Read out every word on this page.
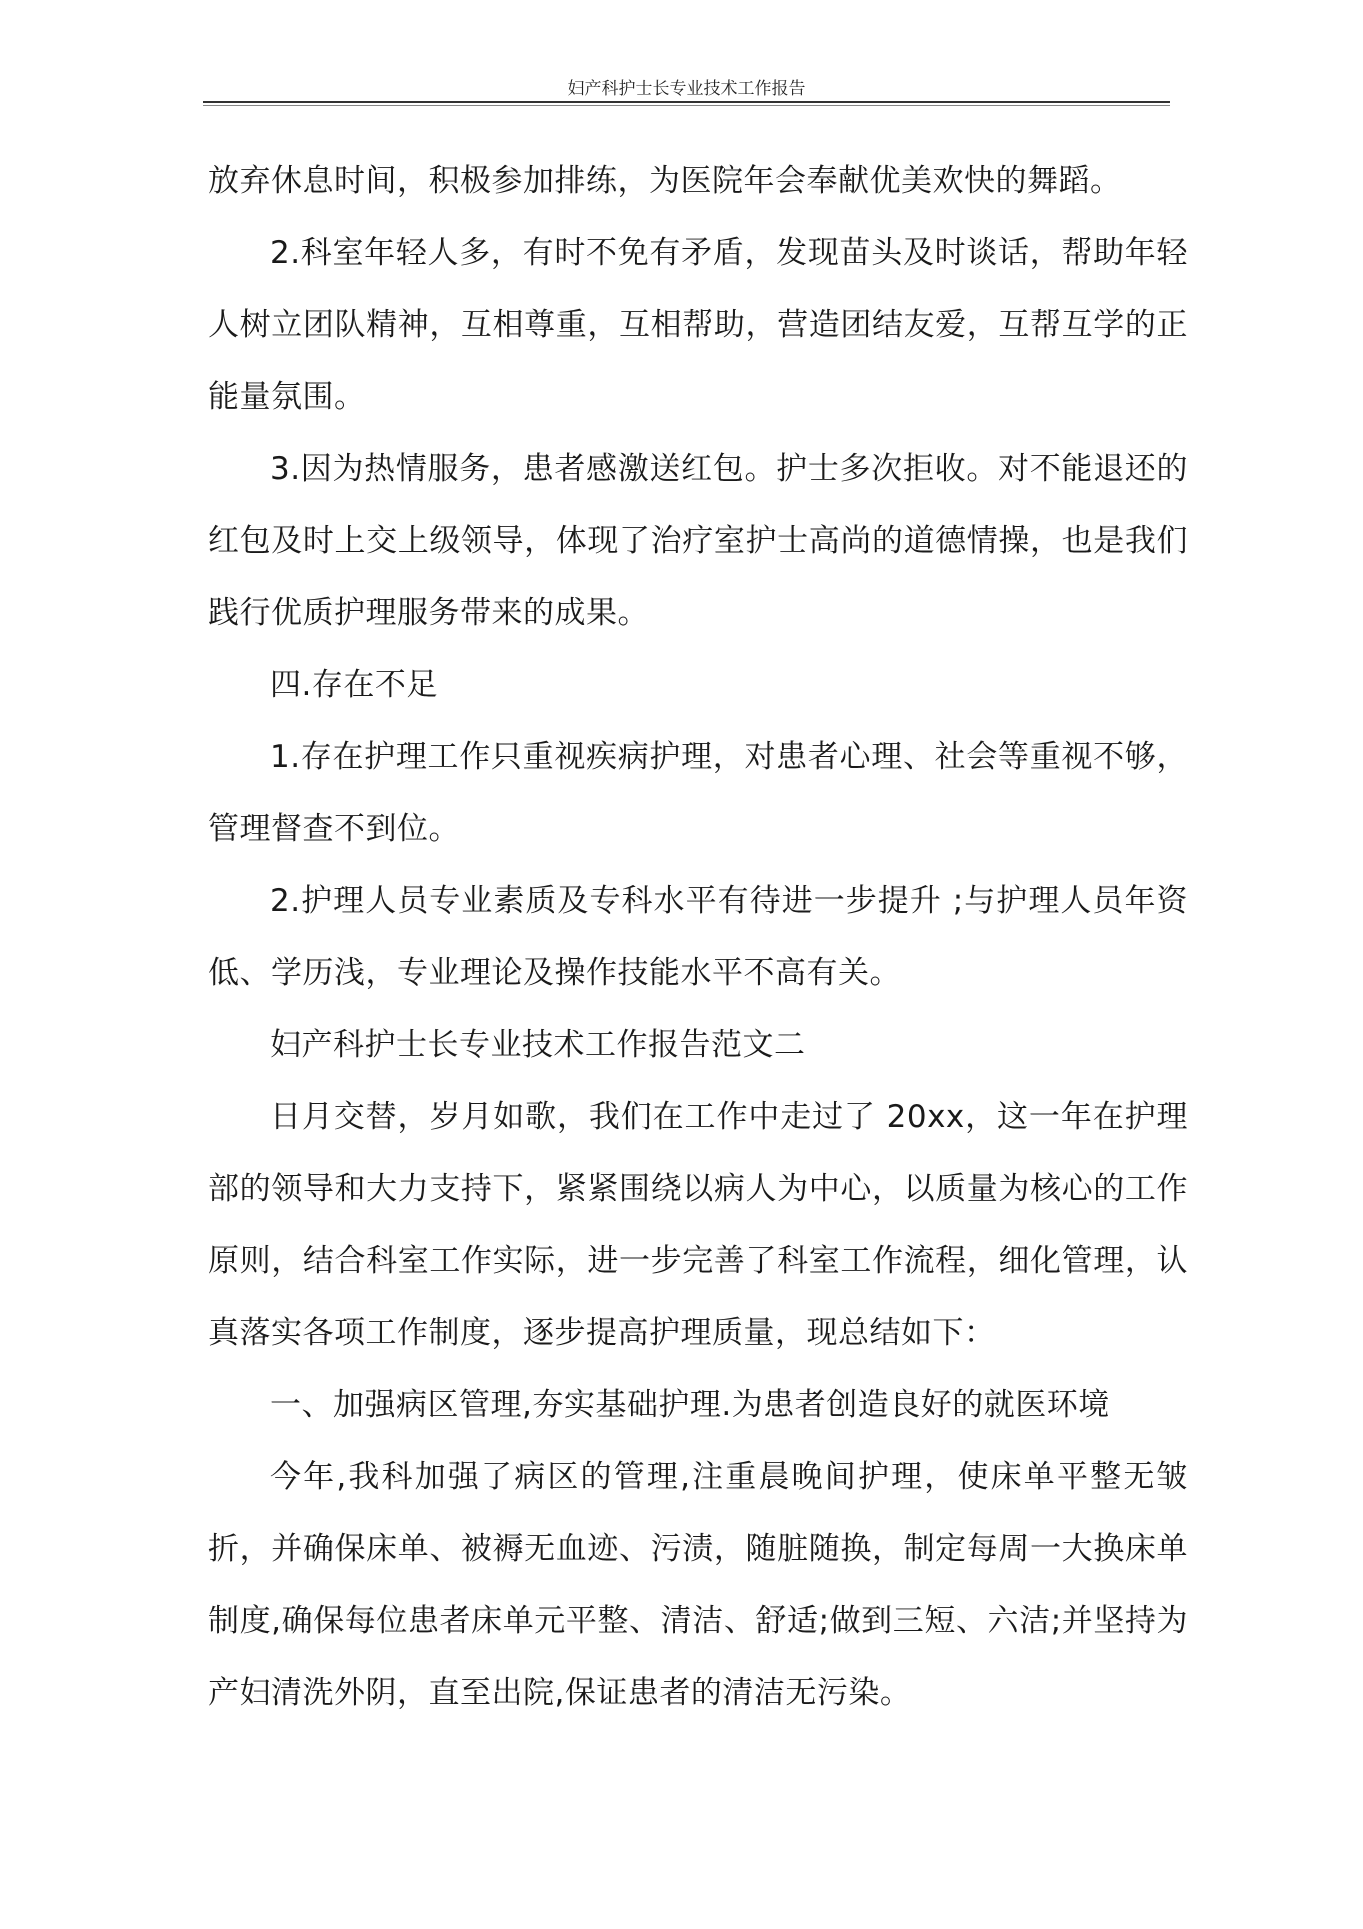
妇产科护士长专业技术工作报告

放弃休息时间，积极参加排练，为医院年会奉献优美欢快的舞蹈。

2.科室年轻人多，有时不免有矛盾，发现苗头及时谈话，帮助年轻人树立团队精神，互相尊重，互相帮助，营造团结友爱，互帮互学的正能量氛围。

3.因为热情服务，患者感激送红包。护士多次拒收。对不能退还的红包及时上交上级领导，体现了治疗室护士高尚的道德情操，也是我们践行优质护理服务带来的成果。

四.存在不足

1.存在护理工作只重视疾病护理，对患者心理、社会等重视不够，管理督查不到位。

2.护理人员专业素质及专科水平有待进一步提升 ;与护理人员年资低、学历浅，专业理论及操作技能水平不高有关。

妇产科护士长专业技术工作报告范文二

日月交替，岁月如歌，我们在工作中走过了 20xx，这一年在护理部的领导和大力支持下，紧紧围绕以病人为中心，以质量为核心的工作原则，结合科室工作实际，进一步完善了科室工作流程，细化管理，认真落实各项工作制度，逐步提高护理质量，现总结如下：

一、加强病区管理,夯实基础护理.为患者创造良好的就医环境

今年,我科加强了病区的管理,注重晨晚间护理，使床单平整无皱折，并确保床单、被褥无血迹、污渍，随脏随换，制定每周一大换床单制度,确保每位患者床单元平整、清洁、舒适;做到三短、六洁;并坚持为产妇清洗外阴，直至出院,保证患者的清洁无污染。
